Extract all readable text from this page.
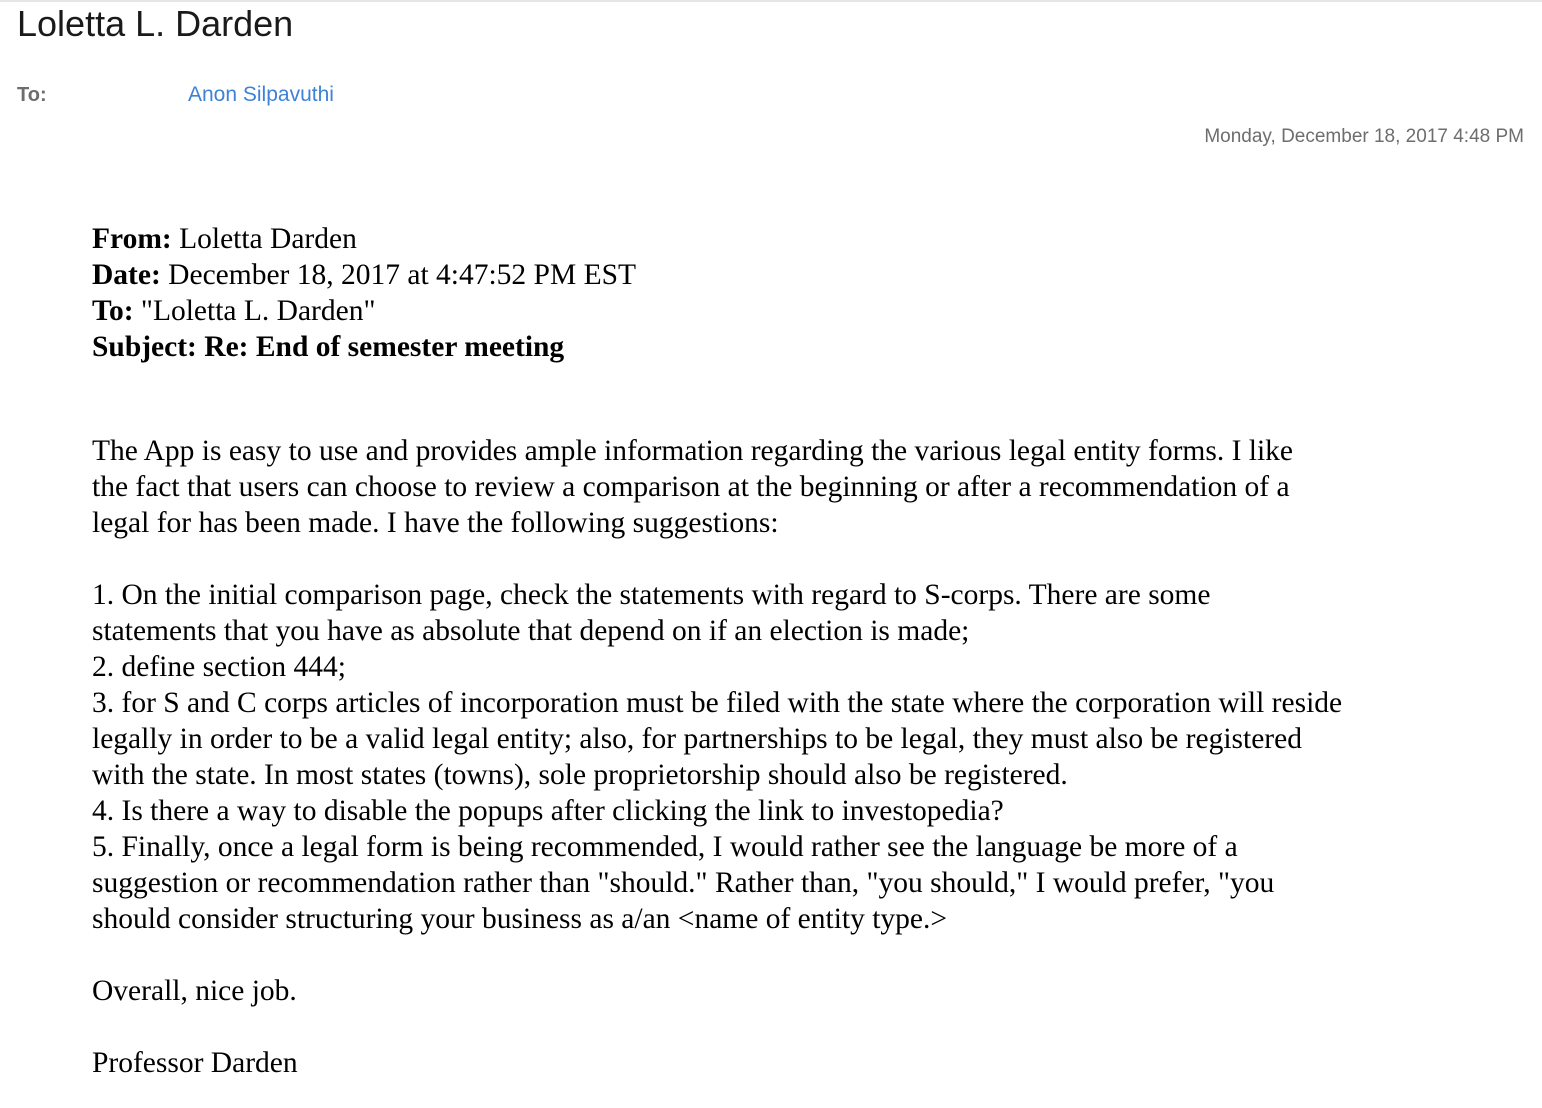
Loletta L. Darden
To:	Anon Silpavuthi
Monday, December 18, 2017 4:48 PM
From: Loletta Darden
Date: December 18, 2017 at 4:47:52 PM EST
To: "Loletta L. Darden"
Subject: Re: End of semester meeting
The App is easy to use and provides ample information regarding the various legal entity forms. I like
the fact that users can choose to review a comparison at the beginning or after a recommendation of a
legal for has been made. I have the following suggestions:
1. On the initial comparison page, check the statements with regard to S-corps. There are some
statements that you have as absolute that depend on if an election is made;
2. define section 444;
3. for S and C corps articles of incorporation must be filed with the state where the corporation will reside
legally in order to be a valid legal entity; also, for partnerships to be legal, they must also be registered
with the state. In most states (towns), sole proprietorship should also be registered.
4. Is there a way to disable the popups after clicking the link to investopedia?
5. Finally, once a legal form is being recommended, I would rather see the language be more of a
suggestion or recommendation rather than "should." Rather than, "you should," I would prefer, "you
should consider structuring your business as a/an <name of entity type.>
Overall, nice job.
Professor Darden
